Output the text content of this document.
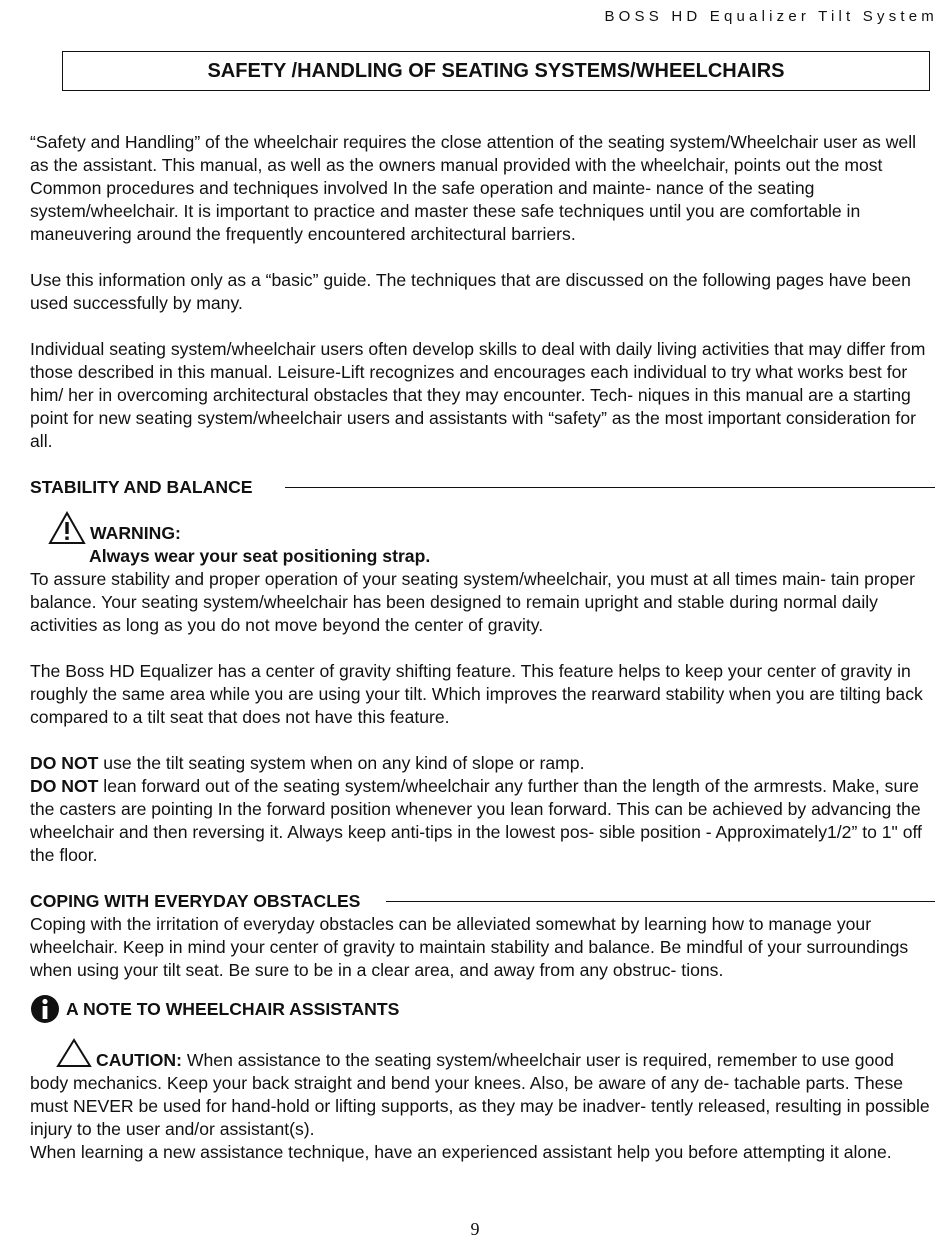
BOSS HD Equalizer Tilt System
SAFETY /HANDLING OF SEATING SYSTEMS/WHEELCHAIRS

“Safety and Handling” of the wheelchair requires the close attention of the seating system/Wheelchair user as well as the assistant. This manual, as well as the owners manual provided with the wheelchair, points out the most Common procedures and techniques involved In the safe operation and mainte- nance of the seating system/wheelchair. It is important to practice and master these safe techniques until you are comfortable in maneuvering around the frequently encountered architectural barriers.

Use this information only as a “basic” guide. The techniques that are discussed on the following pages have been used successfully by many.

Individual seating system/wheelchair users often develop skills to deal with daily living activities that may differ from those described in this manual. Leisure-Lift recognizes and encourages each individual to try what works best for him/ her in overcoming architectural obstacles that they may encounter. Tech- niques in this manual are a starting point for new seating system/wheelchair users and assistants with “safety” as the most important consideration for all.

STABILITY AND BALANCE
WARNING:
Always wear your seat positioning strap.

To assure stability and proper operation of your seating system/wheelchair, you must at all times main- tain proper balance. Your seating system/wheelchair has been designed to remain upright and stable during normal daily activities as long as you do not move beyond the center of gravity.

The Boss HD Equalizer has a center of gravity shifting feature. This feature helps to keep your center of gravity in roughly the same area while you are using your tilt. Which improves the rearward stability when you are tilting back compared to a tilt seat that does not have this feature.

DO NOT use the tilt seating system when on any kind of slope or ramp.

DO NOT lean forward out of the seating system/wheelchair any further than the length of the armrests. Make, sure the casters are pointing In the forward position whenever you lean forward. This can be achieved by advancing the wheelchair and then reversing it. Always keep anti-tips in the lowest pos- sible position - Approximately1/2” to 1" off the floor.

COPING WITH EVERYDAY OBSTACLES

Coping with the irritation of everyday obstacles can be alleviated somewhat by learning how to manage your wheelchair. Keep in mind your center of gravity to maintain stability and balance. Be mindful of your surroundings when using your tilt seat. Be sure to be in a clear area, and away from any obstruc- tions.

A NOTE TO WHEELCHAIR ASSISTANTS

CAUTION: When assistance to the seating system/wheelchair user is required, remember to use good body mechanics. Keep your back straight and bend your knees. Also, be aware of any de- tachable parts. These must NEVER be used for hand-hold or lifting supports, as they may be inadver- tently released, resulting in possible injury to the user and/or assistant(s).

When learning a new assistance technique, have an experienced assistant help you before attempting it alone.

9
